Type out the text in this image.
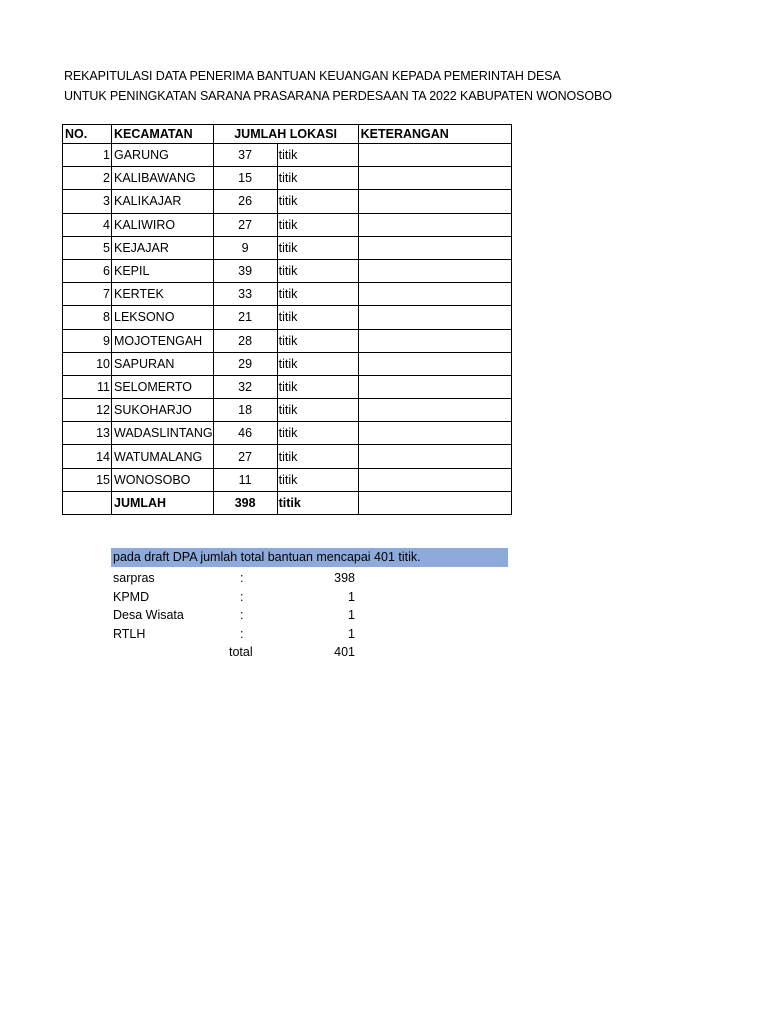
REKAPITULASI DATA PENERIMA BANTUAN KEUANGAN KEPADA PEMERINTAH DESA
UNTUK PENINGKATAN SARANA PRASARANA PERDESAAN TA 2022 KABUPATEN WONOSOBO
NO.	KECAMATAN	JUMLAH LOKASI		KETERANGAN
1	GARUNG	37	titik	
2	KALIBAWANG	15	titik	
3	KALIKAJAR	26	titik	
4	KALIWIRO	27	titik	
5	KEJAJAR	9	titik	
6	KEPIL	39	titik	
7	KERTEK	33	titik	
8	LEKSONO	21	titik	
9	MOJOTENGAH	28	titik	
10	SAPURAN	29	titik	
11	SELOMERTO	32	titik	
12	SUKOHARJO	18	titik	
13	WADASLINTANG	46	titik	
14	WATUMALANG	27	titik	
15	WONOSOBO	11	titik	
	JUMLAH	398	titik	
pada draft DPA jumlah total bantuan mencapai 401 titik.
sarpras	:	398
KPMD	:	1
Desa Wisata	:	1
RTLH	:	1
total	401
